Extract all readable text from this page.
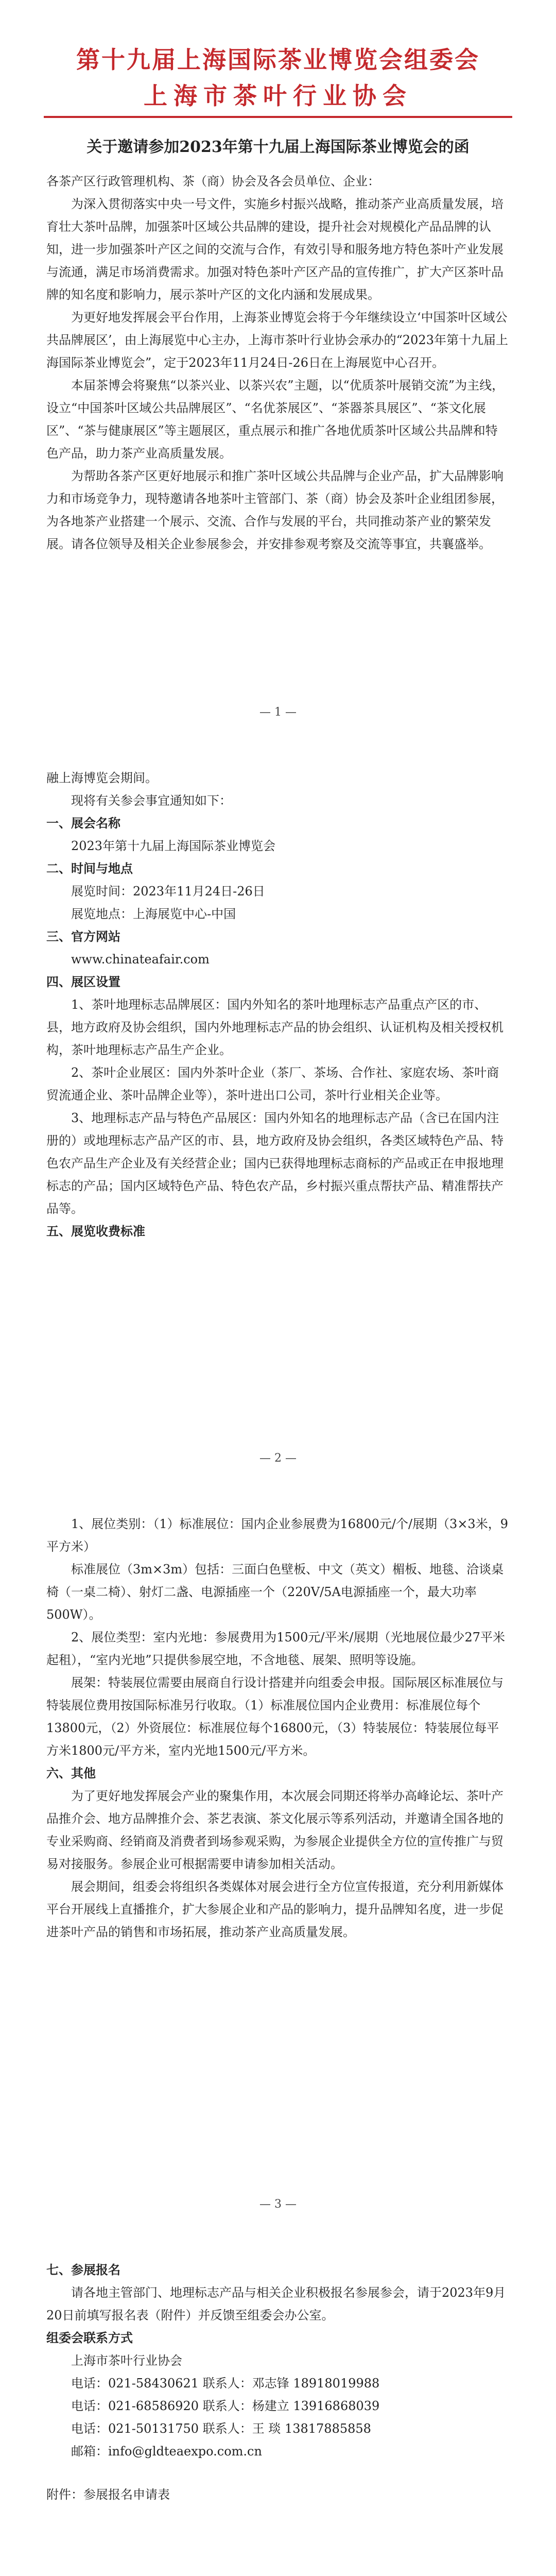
第十九届上海国际茶业博览会组委会
上海市茶叶行业协会
关于邀请参加2023年第十九届上海国际茶业博览会的函

各茶产区行政管理机构、茶（商）协会及各会员单位、企业：

为深入贯彻落实中央一号文件，实施乡村振兴战略，推动茶产业高质量发展，培育壮大茶叶品牌，加强茶叶区域公共品牌的建设，提升社会对规模化产品品牌的认知，进一步加强茶叶产区之间的交流与合作，有效引导和服务地方特色茶叶产业发展与流通，满足市场消费需求。加强对特色茶叶产区产品的宣传推广，扩大产区茶叶品牌的知名度和影响力，展示茶叶产区的文化内涵和发展成果。

为更好地发挥展会平台作用，上海茶业博览会将于今年继续设立‘中国茶叶区域公共品牌展区’，由上海展览中心主办，上海市茶叶行业协会承办的“2023年第十九届上海国际茶业博览会”，定于2023年11月24日-26日在上海展览中心召开。

本届茶博会将聚焦“以茶兴业、以茶兴农”主题，以“优质茶叶展销交流”为主线，设立“中国茶叶区域公共品牌展区”、“名优茶展区”、“茶器茶具展区”、“茶文化展区”、“茶与健康展区”等主题展区，重点展示和推广各地优质茶叶区域公共品牌和特色产品，助力茶产业高质量发展。

为帮助各茶产区更好地展示和推广茶叶区域公共品牌与企业产品，扩大品牌影响力和市场竞争力，现特邀请各地茶叶主管部门、茶（商）协会及茶叶企业组团参展，为各地茶产业搭建一个展示、交流、合作与发展的平台，共同推动茶产业的繁荣发展。请各位领导及相关企业参展参会，并安排参观考察及交流等事宜，共襄盛举。

— 1 —

融上海博览会期间。

现将有关参会事宜通知如下：

一、展会名称

2023年第十九届上海国际茶业博览会

二、时间与地点

展览时间：2023年11月24日-26日

展览地点：上海展览中心-中国

三、官方网站

www.chinateafair.com

四、展区设置

1、茶叶地理标志品牌展区：国内外知名的茶叶地理标志产品重点产区的市、县，地方政府及协会组织，国内外地理标志产品的协会组织、认证机构及相关授权机构，茶叶地理标志产品生产企业。

2、茶叶企业展区：国内外茶叶企业（茶厂、茶场、合作社、家庭农场、茶叶商贸流通企业、茶叶品牌企业等），茶叶进出口公司，茶叶行业相关企业等。

3、地理标志产品与特色产品展区：国内外知名的地理标志产品（含已在国内注册的）或地理标志产品产区的市、县，地方政府及协会组织，各类区域特色产品、特色农产品生产企业及有关经营企业；国内已获得地理标志商标的产品或正在申报地理标志的产品；国内区域特色产品、特色农产品，乡村振兴重点帮扶产品、精准帮扶产品等。

五、展览收费标准

— 2 —

1、展位类别：（1）标准展位：国内企业参展费为16800元/个/展期（3×3米，9平方米）

标准展位（3m×3m）包括：三面白色壁板、中文（英文）楣板、地毯、洽谈桌椅（一桌二椅）、射灯二盏、电源插座一个（220V/5A电源插座一个，最大功率500W）。

2、展位类型：室内光地：参展费用为1500元/平米/展期（光地展位最少27平米起租），“室内光地”只提供参展空地，不含地毯、展架、照明等设施。

展架：特装展位需要由展商自行设计搭建并向组委会申报。国际展区标准展位与特装展位费用按国际标准另行收取。（1）标准展位国内企业费用：标准展位每个13800元，（2）外资展位：标准展位每个16800元，（3）特装展位：特装展位每平方米1800元/平方米，室内光地1500元/平方米。

六、其他

为了更好地发挥展会产业的聚集作用，本次展会同期还将举办高峰论坛、茶叶产品推介会、地方品牌推介会、茶艺表演、茶文化展示等系列活动，并邀请全国各地的专业采购商、经销商及消费者到场参观采购，为参展企业提供全方位的宣传推广与贸易对接服务。参展企业可根据需要申请参加相关活动。

展会期间，组委会将组织各类媒体对展会进行全方位宣传报道，充分利用新媒体平台开展线上直播推介，扩大参展企业和产品的影响力，提升品牌知名度，进一步促进茶叶产品的销售和市场拓展，推动茶产业高质量发展。

— 3 —

七、参展报名

请各地主管部门、地理标志产品与相关企业积极报名参展参会，请于2023年9月20日前填写报名表（附件）并反馈至组委会办公室。

组委会联系方式

上海市茶叶行业协会

电话：021-58430621 联系人：邓志锋 18918019988

电话：021-68586920 联系人：杨建立 13916868039

电话：021-50131750 联系人：王 琰 13817885858

邮箱：info@gldteaexpo.com.cn

附件：参展报名申请表
